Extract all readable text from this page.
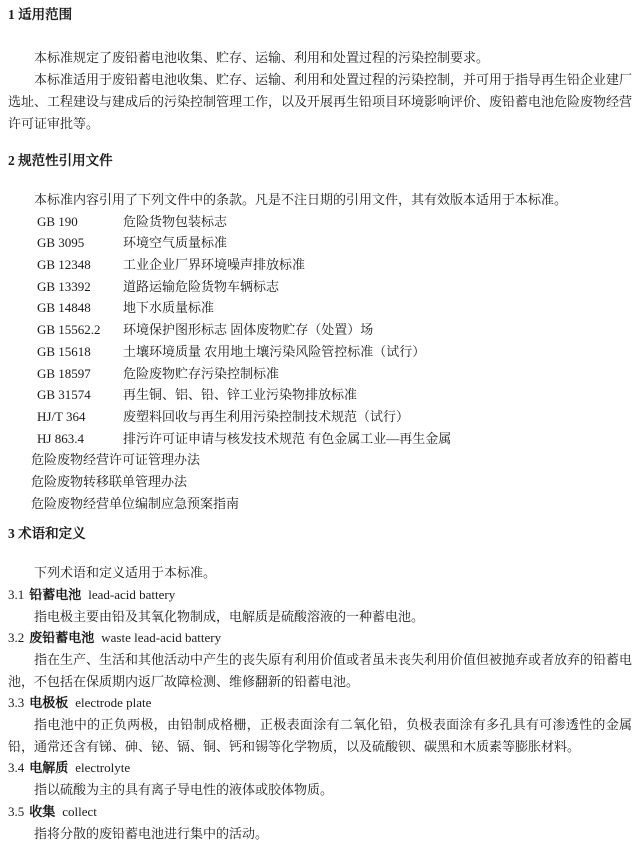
1 适用范围

本标准规定了废铅蓄电池收集、贮存、运输、利用和处置过程的污染控制要求。

本标准适用于废铅蓄电池收集、贮存、运输、利用和处置过程的污染控制，并可用于指导再生铅企业建厂选址、工程建设与建成后的污染控制管理工作，以及开展再生铅项目环境影响评价、废铅蓄电池危险废物经营许可证审批等。

2 规范性引用文件

本标准内容引用了下列文件中的条款。凡是不注日期的引用文件，其有效版本适用于本标准。

GB 190	危险货物包装标志
GB 3095	环境空气质量标准
GB 12348	工业企业厂界环境噪声排放标准
GB 13392	道路运输危险货物车辆标志
GB 14848	地下水质量标准
GB 15562.2	环境保护图形标志 固体废物贮存（处置）场
GB 15618	土壤环境质量 农用地土壤污染风险管控标准（试行）
GB 18597	危险废物贮存污染控制标准
GB 31574	再生铜、铝、铅、锌工业污染物排放标准
HJ/T 364	废塑料回收与再生利用污染控制技术规范（试行）
HJ 863.4	排污许可证申请与核发技术规范 有色金属工业—再生金属
危险废物经营许可证管理办法
危险废物转移联单管理办法
危险废物经营单位编制应急预案指南
3 术语和定义

下列术语和定义适用于本标准。

3.1 铅蓄电池 lead-acid battery

指电极主要由铅及其氧化物制成，电解质是硫酸溶液的一种蓄电池。

3.2 废铅蓄电池 waste lead-acid battery

指在生产、生活和其他活动中产生的丧失原有利用价值或者虽未丧失利用价值但被抛弃或者放弃的铅蓄电池，不包括在保质期内返厂故障检测、维修翻新的铅蓄电池。

3.3 电极板 electrode plate

指电池中的正负两极，由铅制成格栅，正极表面涂有二氧化铅，负极表面涂有多孔具有可渗透性的金属铅，通常还含有锑、砷、铋、镉、铜、钙和锡等化学物质，以及硫酸钡、碳黑和木质素等膨胀材料。

3.4 电解质 electrolyte

指以硫酸为主的具有离子导电性的液体或胶体物质。

3.5 收集 collect

指将分散的废铅蓄电池进行集中的活动。
